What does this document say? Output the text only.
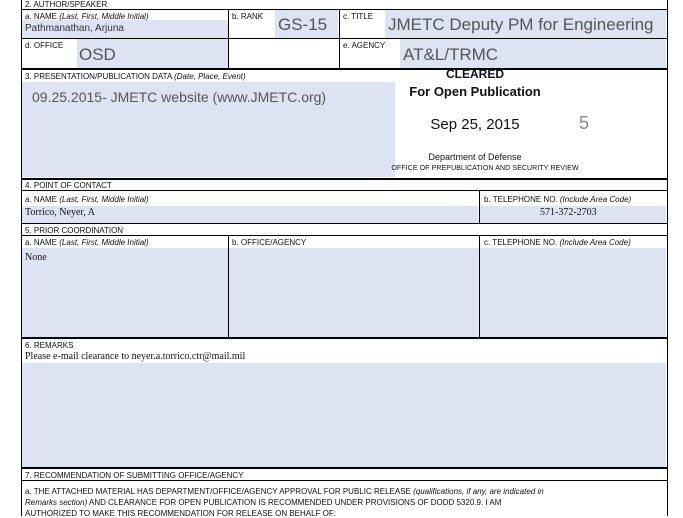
2. AUTHOR/SPEAKER
a. NAME (Last, First, Middle Initial)
Pathmanathan, Arjuna
b. RANK GS-15 c. TITLE JMETC Deputy PM for Engineering
d. OFFICE OSD	e. AGENCY AT&L/TRMC
3. PRESENTATION/PUBLICATION DATA (Date, Place, Event)
09.25.2015- JMETC website (www.JMETC.org)
CLEARED
For Open Publication
Sep 25, 2015	5
Department of Defense
OFFICE OF PREPUBLICATION AND SECURITY REVIEW
4. POINT OF CONTACT
a. NAME (Last, First, Middle Initial)
Torrico, Neyer, A
b. TELEPHONE NO. (Include Area Code)
571-372-2703
5. PRIOR COORDINATION
a. NAME (Last, First, Middle Initial)	b. OFFICE/AGENCY	c. TELEPHONE NO. (Include Area Code)
None
6. REMARKS
Please e-mail clearance to neyer.a.torrico.ctr@mail.mil
7. RECOMMENDATION OF SUBMITTING OFFICE/AGENCY
a. THE ATTACHED MATERIAL HAS DEPARTMENT/OFFICE/AGENCY APPROVAL FOR PUBLIC RELEASE (qualifications, if any, are indicated in
Remarks section) AND CLEARANCE FOR OPEN PUBLICATION IS RECOMMENDED UNDER PROVISIONS OF DODD 5320.9. I AM
AUTHORIZED TO MAKE THIS RECOMMENDATION FOR RELEASE ON BEHALF OF:
